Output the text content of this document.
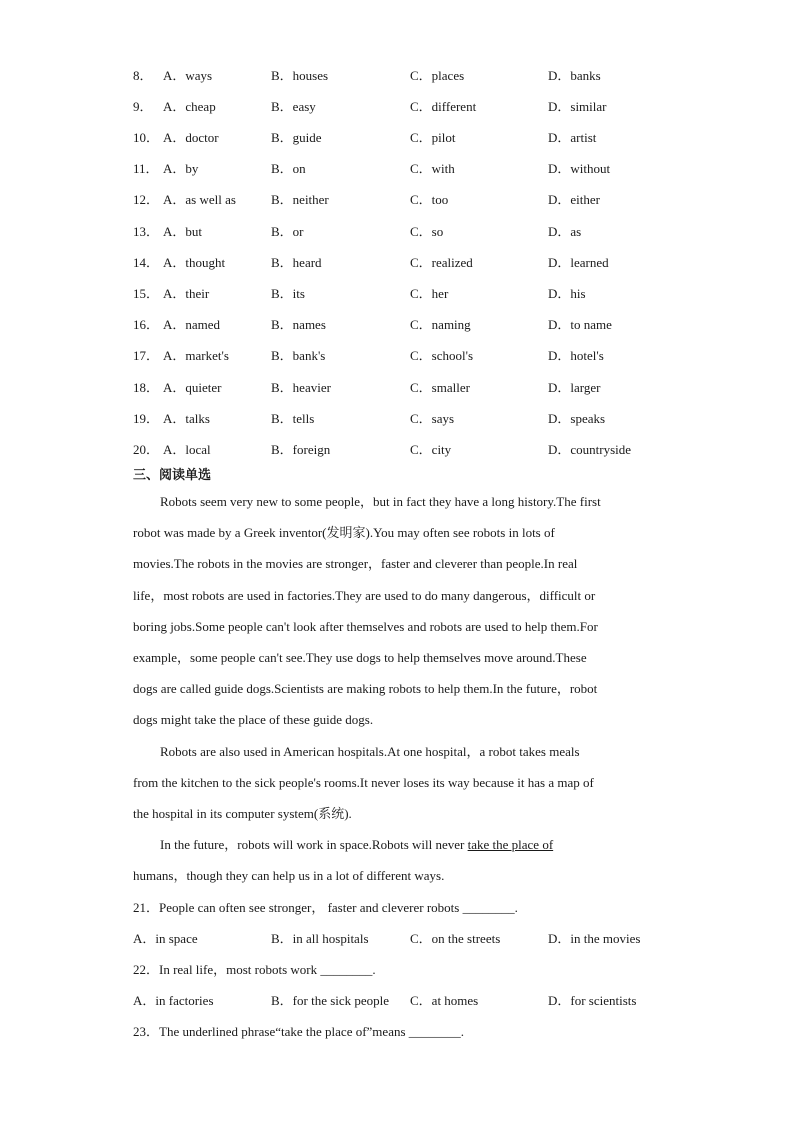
8． A．ways	B．houses	C．places	D．banks
9． A．cheap	B．easy	C．different	D．similar
10． A．doctor	B．guide	C．pilot	D．artist
11． A．by	B．on	C．with	D．without
12． A．as well as	B．neither	C．too	D．either
13． A．but	B．or	C．so	D．as
14． A．thought	B．heard	C．realized	D．learned
15． A．their	B．its	C．her	D．his
16． A．named	B．names	C．naming	D．to name
17． A．market's	B．bank's	C．school's	D．hotel's
18． A．quieter	B．heavier	C．smaller	D．larger
19． A．talks	B．tells	C．says	D．speaks
20． A．local	B．foreign	C．city	D．countryside
三、阅读单选
Robots seem very new to some people，but in fact they have a long history.The first
robot was made by a Greek inventor(发明家).You may often see robots in lots of
movies.The robots in the movies are stronger，faster and cleverer than people.In real
life，most robots are used in factories.They are used to do many dangerous，difficult or
boring jobs.Some people can't look after themselves and robots are used to help them.For
example，some people can't see.They use dogs to help themselves move around.These
dogs are called guide dogs.Scientists are making robots to help them.In the future，robot
dogs might take the place of these guide dogs.
Robots are also used in American hospitals.At one hospital，a robot takes meals
from the kitchen to the sick people's rooms.It never loses its way because it has a map of
the hospital in its computer system(系统).
In the future，robots will work in space.Robots will never take the place of
humans，though they can help us in a lot of different ways.
21．People can often see stronger， faster and cleverer robots ________.
A．in space	B．in all hospitals	C．on the streets	D．in the movies
22．In real life，most robots work ________.
A．in factories	B．for the sick people C．at homes	D．for scientists
23．The underlined phrase“take the place of”means ________.
